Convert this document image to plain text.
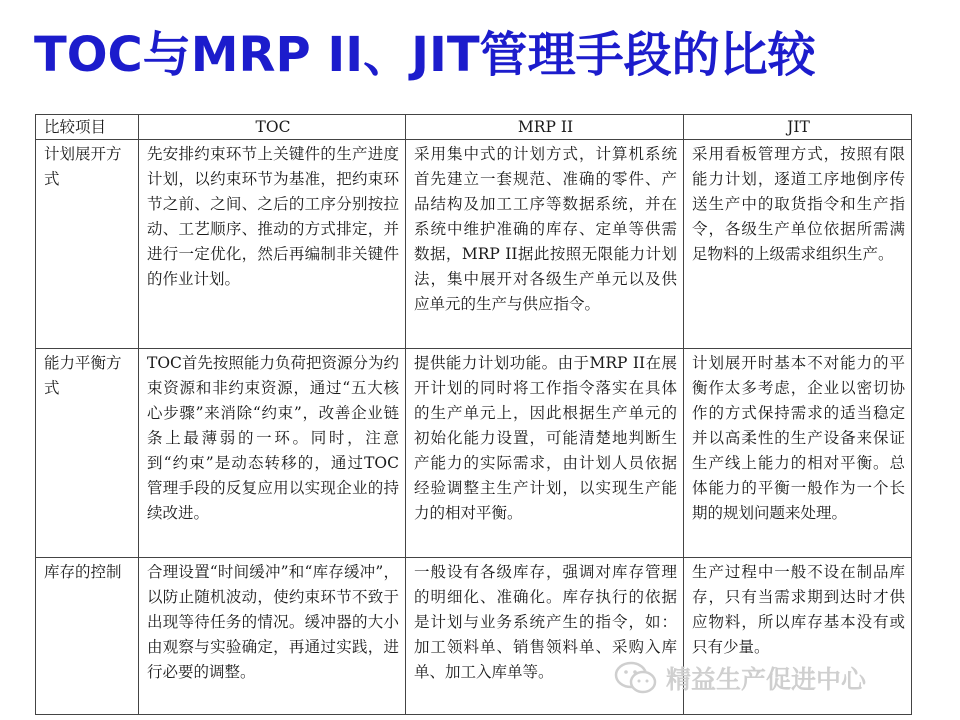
TOC与MRP II、JIT管理手段的比较
比较项目	TOC	MRP II	JIT
计划展开方式	先安排约束环节上关键件的生产进度计划，以约束环节为基准，把约束环节之前、之间、之后的工序分别按拉动、工艺顺序、推动的方式排定，并进行一定优化，然后再编制非关键件的作业计划。	采用集中式的计划方式，计算机系统首先建立一套规范、准确的零件、产品结构及加工工序等数据系统，并在系统中维护准确的库存、定单等供需数据，MRP II据此按照无限能力计划法，集中展开对各级生产单元以及供应单元的生产与供应指令。	采用看板管理方式，按照有限能力计划，逐道工序地倒序传送生产中的取货指令和生产指令，各级生产单位依据所需满足物料的上级需求组织生产。
能力平衡方式	TOC首先按照能力负荷把资源分为约束资源和非约束资源，通过“五大核心步骤”来消除“约束”，改善企业链条上最薄弱的一环。同时，注意到“约束”是动态转移的，通过TOC管理手段的反复应用以实现企业的持续改进。	提供能力计划功能。由于MRP II在展开计划的同时将工作指令落实在具体的生产单元上，因此根据生产单元的初始化能力设置，可能清楚地判断生产能力的实际需求，由计划人员依据经验调整主生产计划，以实现生产能力的相对平衡。	计划展开时基本不对能力的平衡作太多考虑，企业以密切协作的方式保持需求的适当稳定并以高柔性的生产设备来保证生产线上能力的相对平衡。总体能力的平衡一般作为一个长期的规划问题来处理。
库存的控制	合理设置“时间缓冲”和“库存缓冲”，以防止随机波动，使约束环节不致于出现等待任务的情况。缓冲器的大小由观察与实验确定，再通过实践，进行必要的调整。	一般设有各级库存，强调对库存管理的明细化、准确化。库存执行的依据是计划与业务系统产生的指令，如：加工领料单、销售领料单、采购入库单、加工入库单等。	生产过程中一般不设在制品库存，只有当需求期到达时才供应物料，所以库存基本没有或只有少量。
精益生产促进中心
